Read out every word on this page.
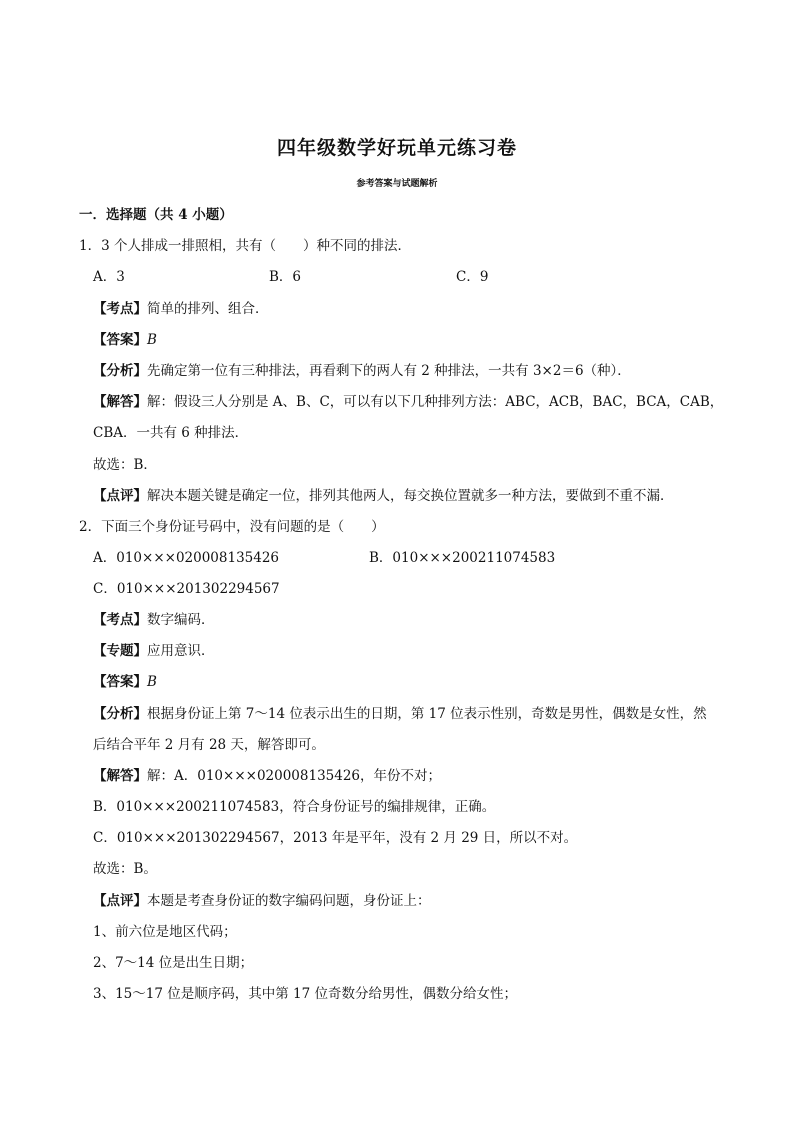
四年级数学好玩单元练习卷
参考答案与试题解析
一．选择题（共 4 小题）
1．3 个人排成一排照相，共有（　　）种不同的排法．
A．3	B．6	C．9
【考点】简单的排列、组合．
【答案】B
【分析】先确定第一位有三种排法，再看剩下的两人有 2 种排法，一共有 3×2＝6（种）．
【解答】解：假设三人分别是 A、B、C，可以有以下几种排列方法：ABC，ACB，BAC，BCA，CAB，
CBA．一共有 6 种排法．
故选：B．
【点评】解决本题关键是确定一位，排列其他两人，每交换位置就多一种方法，要做到不重不漏．
2．下面三个身份证号码中，没有问题的是（　　）
A．010×××020008135426	B．010×××200211074583
C．010×××201302294567
【考点】数字编码．
【专题】应用意识．
【答案】B
【分析】根据身份证上第 7～14 位表示出生的日期，第 17 位表示性别，奇数是男性，偶数是女性，然
后结合平年 2 月有 28 天，解答即可。
【解答】解：A．010×××020008135426，年份不对；
B．010×××200211074583，符合身份证号的编排规律，正确。
C．010×××201302294567，2013 年是平年，没有 2 月 29 日，所以不对。
故选：B。
【点评】本题是考查身份证的数字编码问题，身份证上：
1、前六位是地区代码；
2、7～14 位是出生日期；
3、15～17 位是顺序码，其中第 17 位奇数分给男性，偶数分给女性；
